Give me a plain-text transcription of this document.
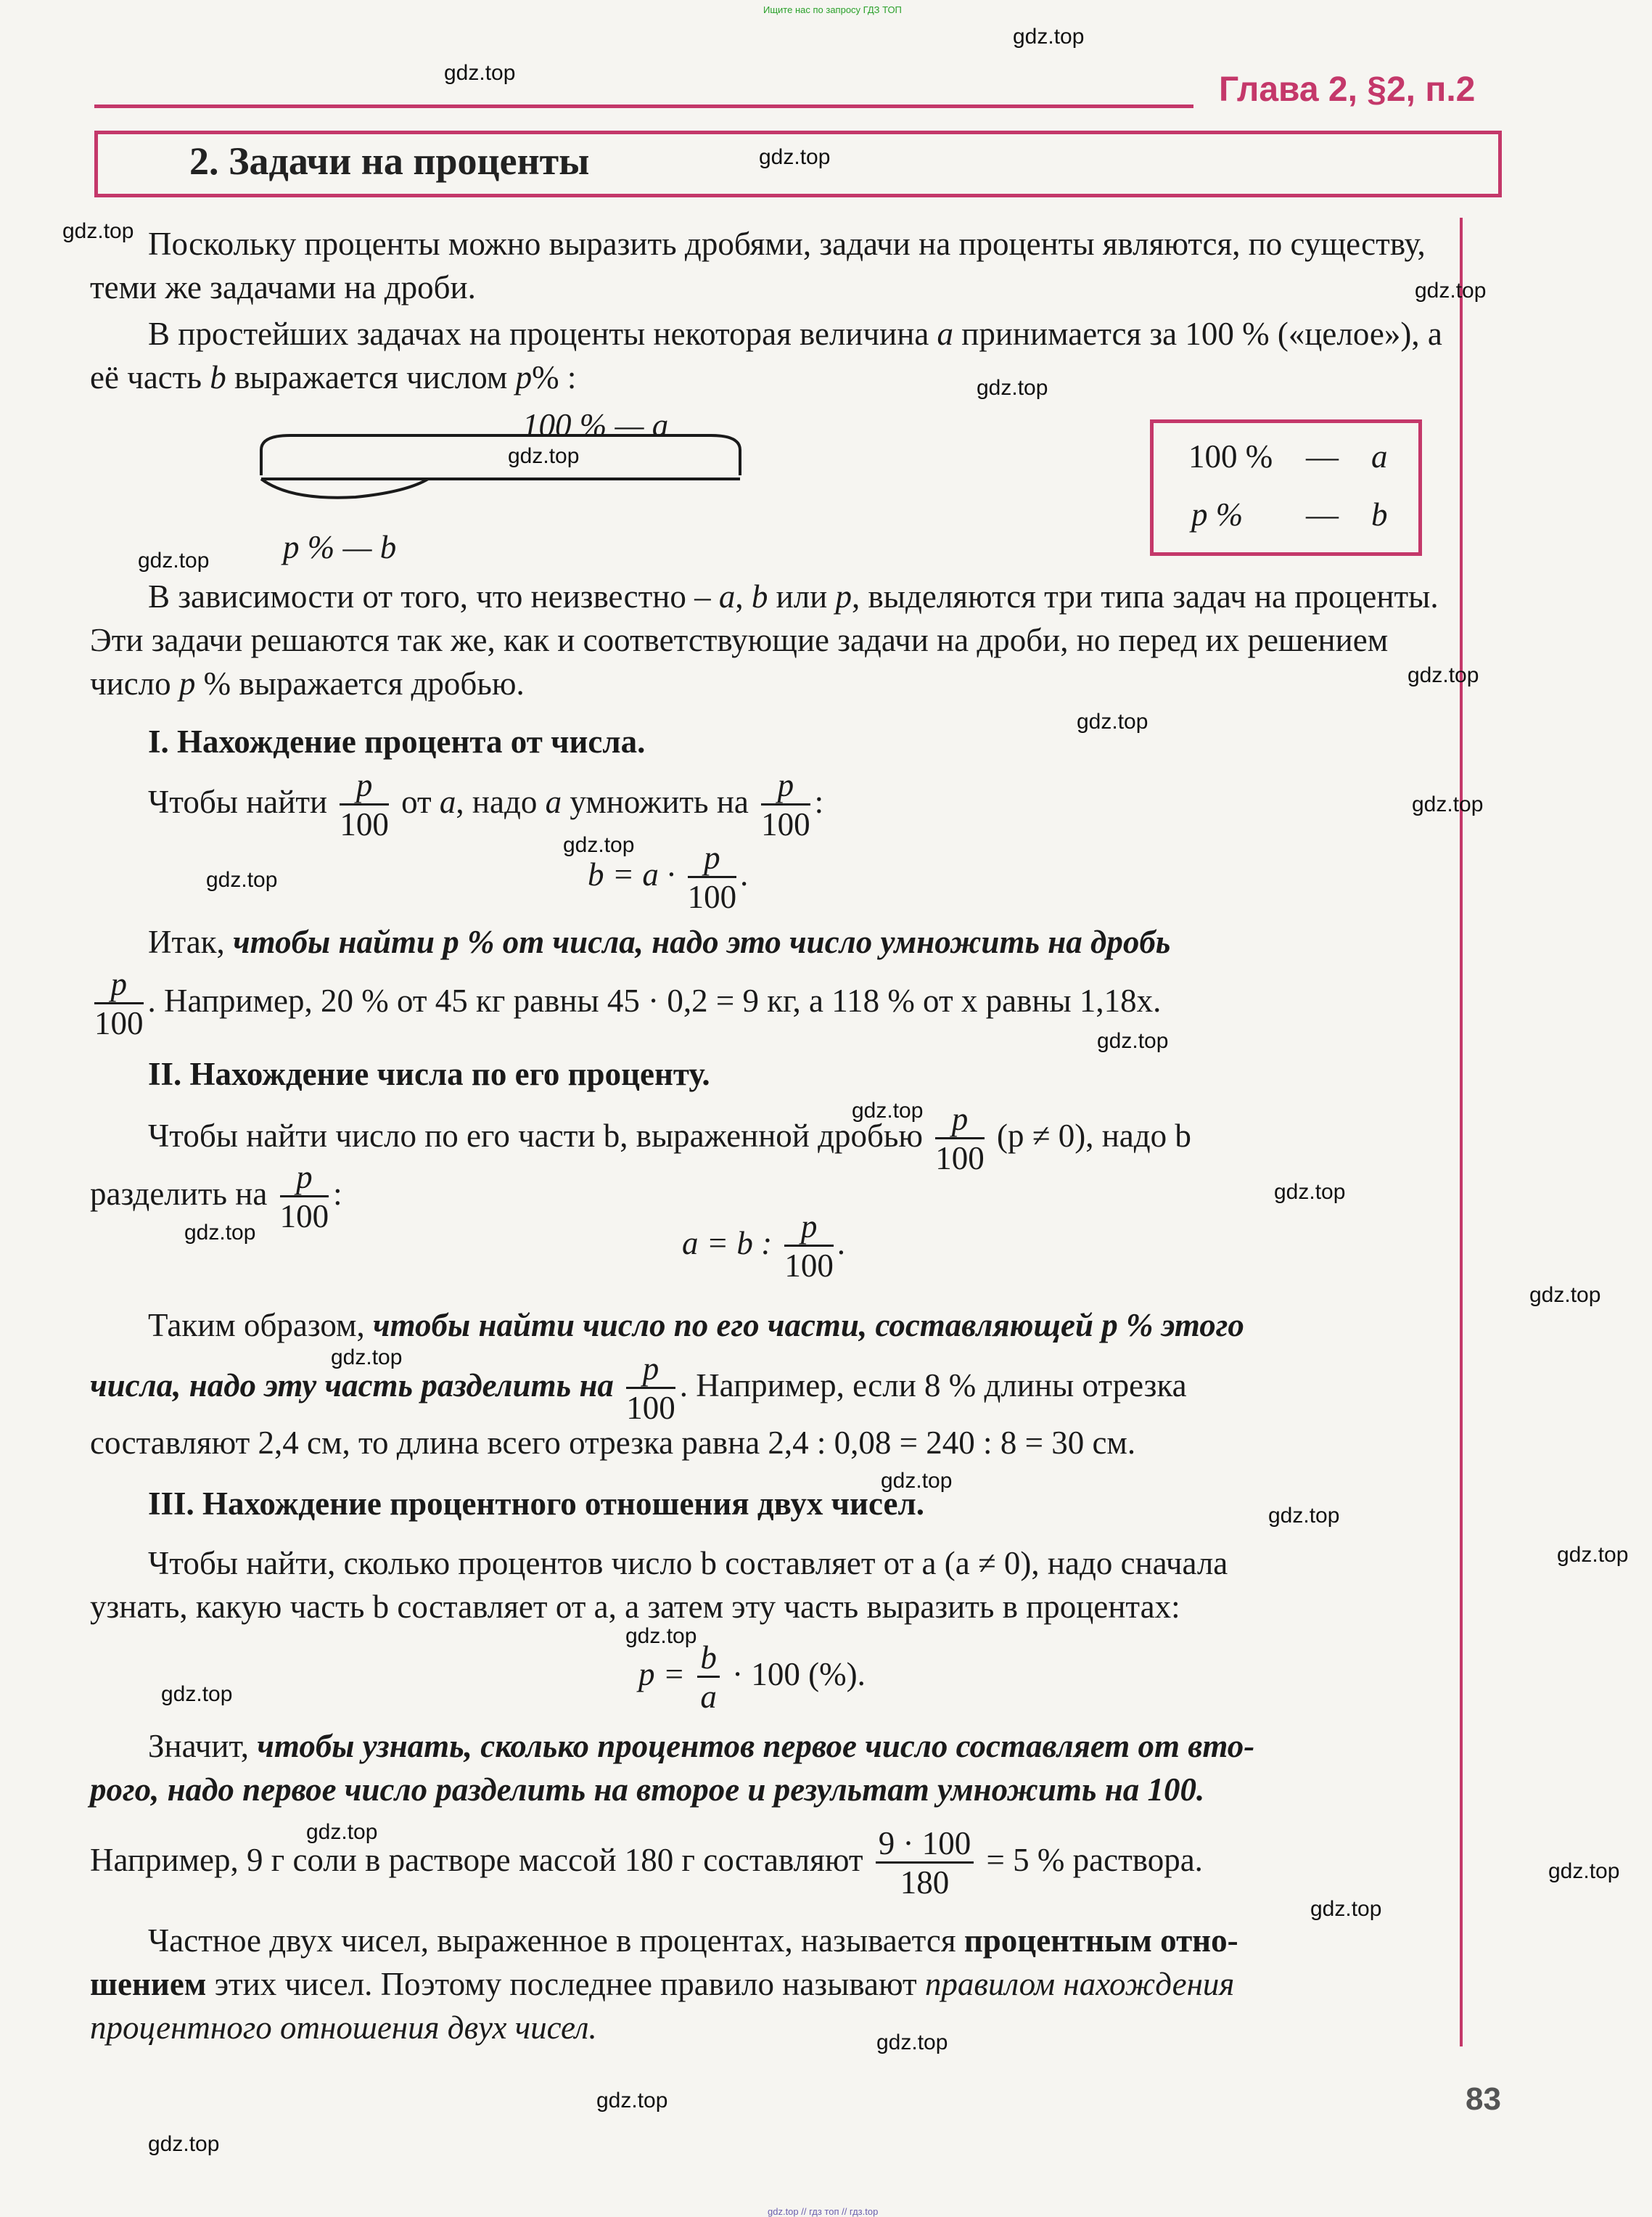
Ищите нас по запросу ГДЗ ТОП
gdz.top // гдз топ // гдз.top
Глава 2, §2, п.2
2. Задачи на проценты
Поскольку проценты можно выразить дробями, задачи на проценты являются, по существу, теми же задачами на дроби.
В простейших задачах на проценты некоторая величина a принимается за 100 % («целое»), а её часть b выражается числом p% :
100 % — a
p % — b
100 % — a
p % — b
В зависимости от того, что неизвестно – a, b или p, выделяются три типа задач на проценты. Эти задачи решаются так же, как и соответствующие задачи на дроби, но перед их решением число p % выражается дробью.
I. Нахождение процента от числа.
Чтобы найти $\frac{p}{100}$ от a, надо a умножить на $\frac{p}{100}$ :
$b = a \cdot \frac{p}{100}$ .
Итак, чтобы найти p % от числа, надо это число умножить на дробь
$\frac{p}{100}$ . Например, 20 % от 45 кг равны 45 · 0,2 = 9 кг, а 118 % от x равны 1,18x.
II. Нахождение числа по его проценту.
Чтобы найти число по его части b, выраженной дробью $\frac{p}{100} (p \ne 0)$, надо b
разделить на $\frac{p}{100}$ :
a = b : $\frac{p}{100}$ .
Таким образом, чтобы найти число по его части, составляющей p % этого
числа, надо эту часть разделить на $\frac{p}{100}$ . Например, если 8 % длины отрезка
составляют 2,4 см, то длина всего отрезка равна 2,4 : 0,08 = 240 : 8 = 30 см.
III. Нахождение процентного отношения двух чисел.
Чтобы найти, сколько процентов число b составляет от a (a ≠ 0), надо сначала
узнать, какую часть b составляет от a, а затем эту часть выразить в процентах:
$p = \frac{b}{a} \cdot 100$ (%).
Значит, чтобы узнать, сколько процентов первое число составляет от вто-
рого, надо первое число разделить на второе и результат умножить на 100.
Например, 9 г соли в растворе массой 180 г составляют $\frac{9 \cdot 100}{180} = 5$ % раствора.
Частное двух чисел, выраженное в процентах, называется процентным отно-
шением этих чисел. Поэтому последнее правило называют правилом нахождения
процентного отношения двух чисел.
83
gdz.top
gdz.top
gdz.top
gdz.top
gdz.top
gdz.top
gdz.top
gdz.top
gdz.top
gdz.top
gdz.top
gdz.top
gdz.top
gdz.top
gdz.top
gdz.top
gdz.top
gdz.top
gdz.top
gdz.top
gdz.top
gdz.top
gdz.top
gdz.top
gdz.top
gdz.top
gdz.top
gdz.top
gdz.top
gdz.top
